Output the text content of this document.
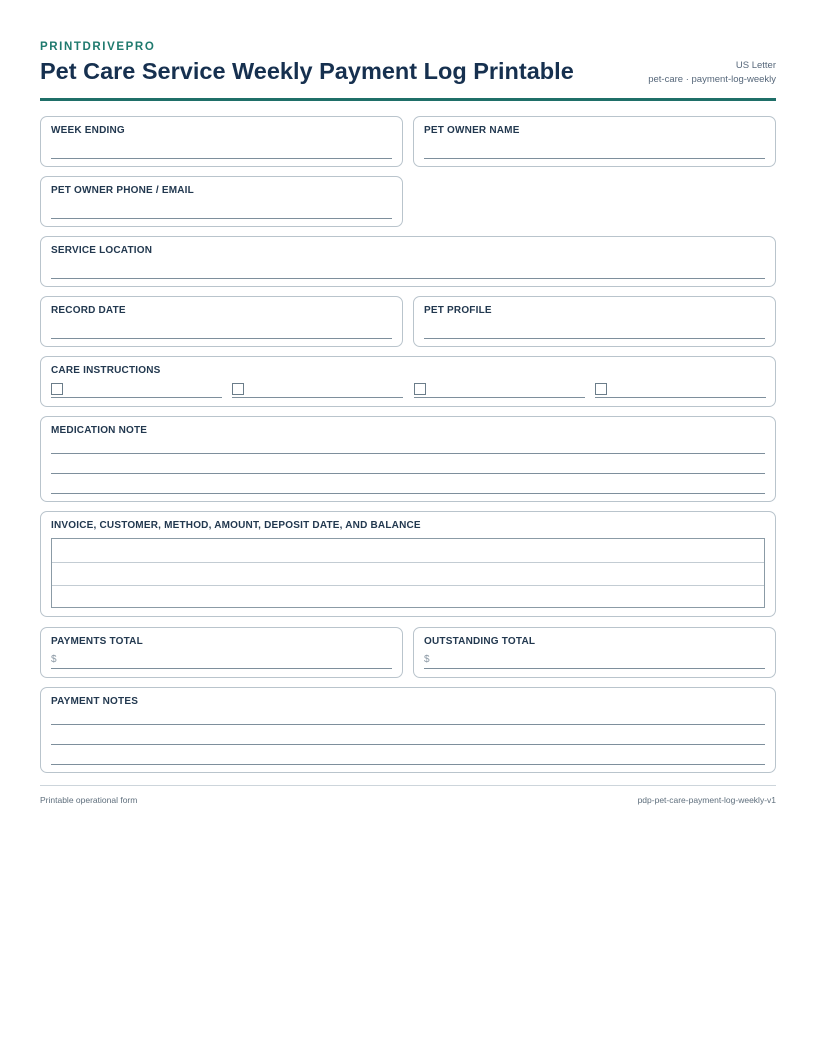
PRINTDRIVEPRO
Pet Care Service Weekly Payment Log Printable	US Letter
pet-care · payment-log-weekly
WEEK ENDING	PET OWNER NAME
PET OWNER PHONE / EMAIL
SERVICE LOCATION
RECORD DATE	PET PROFILE
CARE INSTRUCTIONS
MEDICATION NOTE
INVOICE, CUSTOMER, METHOD, AMOUNT, DEPOSIT DATE, AND BALANCE
PAYMENTS TOTAL
$
OUTSTANDING TOTAL
$
PAYMENT NOTES
Printable operational form	pdp-pet-care-payment-log-weekly-v1
